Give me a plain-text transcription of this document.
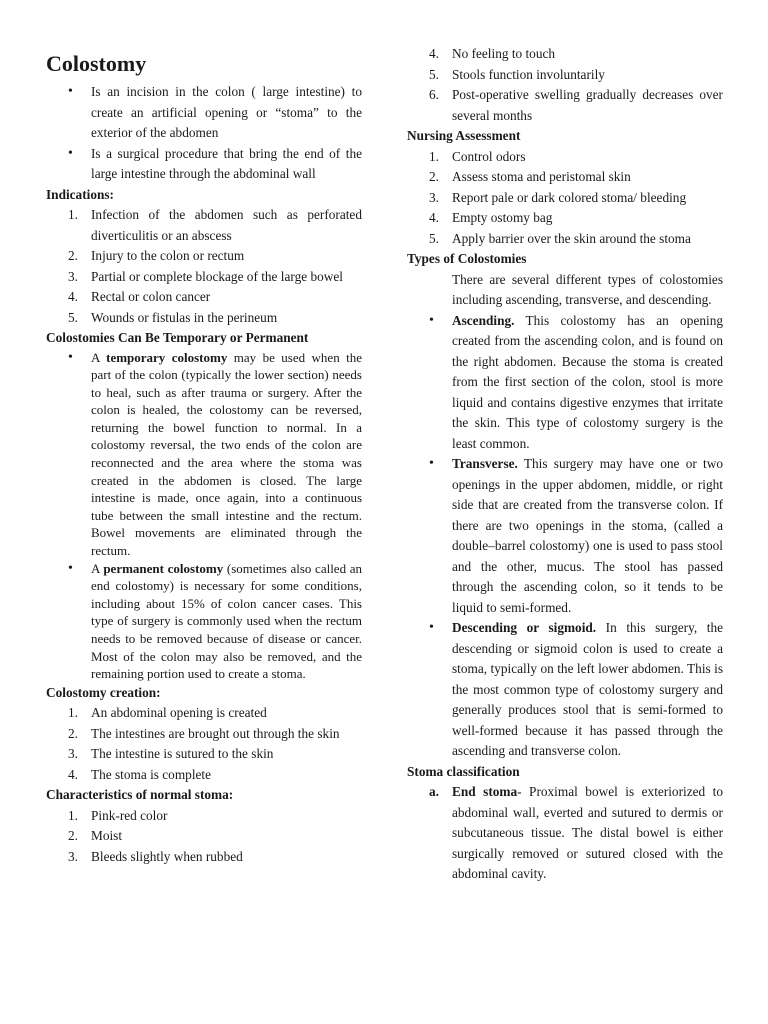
Colostomy
• Is an incision in the colon ( large intestine) to create an artificial opening or “stoma” to the exterior of the abdomen
• Is a surgical procedure that bring the end of the large intestine through the abdominal wall

Indications:

1. Infection of the abdomen such as perforated diverticulitis or an abscess
2. Injury to the colon or rectum
3. Partial or complete blockage of the large bowel
4. Rectal or colon cancer
5. Wounds or fistulas in the perineum

Colostomies Can Be Temporary or Permanent

• A temporary colostomy may be used when the part of the colon (typically the lower section) needs to heal, such as after trauma or surgery. After the colon is healed, the colostomy can be reversed, returning the bowel function to normal. In a colostomy reversal, the two ends of the colon are reconnected and the area where the stoma was created in the abdomen is closed. The large intestine is made, once again, into a continuous tube between the small intestine and the rectum. Bowel movements are eliminated through the rectum.
• A permanent colostomy (sometimes also called an end colostomy) is necessary for some conditions, including about 15% of colon cancer cases. This type of surgery is commonly used when the rectum needs to be removed because of disease or cancer. Most of the colon may also be removed, and the remaining portion used to create a stoma.

Colostomy creation:

1. An abdominal opening is created
2. The intestines are brought out through the skin
3. The intestine is sutured to the skin
4. The stoma is complete

Characteristics of normal stoma:

1. Pink-red color
2. Moist
3. Bleeds slightly when rubbed
4. No feeling to touch
5. Stools function involuntarily
6. Post-operative swelling gradually decreases over several months

Nursing Assessment

1. Control odors
2. Assess stoma and peristomal skin
3. Report pale or dark colored stoma/ bleeding
4. Empty ostomy bag
5. Apply barrier over the skin around the stoma

Types of Colostomies

There are several different types of colostomies including ascending, transverse, and descending.

• Ascending. This colostomy has an opening created from the ascending colon, and is found on the right abdomen. Because the stoma is created from the first section of the colon, stool is more liquid and contains digestive enzymes that irritate the skin. This type of colostomy surgery is the least common.
• Transverse. This surgery may have one or two openings in the upper abdomen, middle, or right side that are created from the transverse colon. If there are two openings in the stoma, (called a double–barrel colostomy) one is used to pass stool and the other, mucus. The stool has passed through the ascending colon, so it tends to be liquid to semi-formed.
• Descending or sigmoid. In this surgery, the descending or sigmoid colon is used to create a stoma, typically on the left lower abdomen. This is the most common type of colostomy surgery and generally produces stool that is semi-formed to well-formed because it has passed through the ascending and transverse colon.

Stoma classification

a. End stoma- Proximal bowel is exteriorized to abdominal wall, everted and sutured to dermis or subcutaneous tissue. The distal bowel is either surgically removed or sutured closed with the abdominal cavity.
